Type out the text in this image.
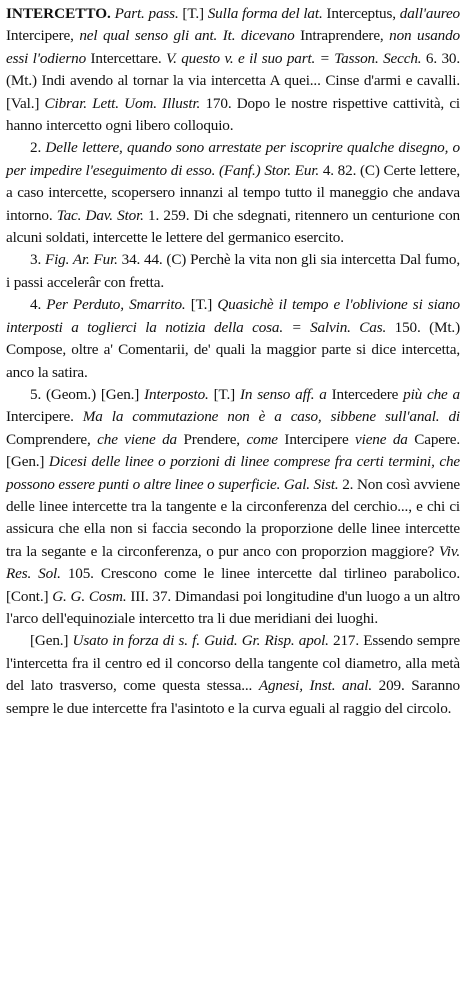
INTERCETTO. Part. pass. [T.] Sulla forma del lat. Interceptus, dall'aureo Intercipere, nel qual senso gli ant. It. dicevano Intraprendere, non usando essi l'odierno Intercettare. V. questo v. e il suo part. = Tasson. Secch. 6. 30. (Mt.) Indi avendo al tornar la via intercetta A quei... Cinse d'armi e cavalli. [Val.] Cibrar. Lett. Uom. Illustr. 170. Dopo le nostre rispettive cattività, ci hanno intercetto ogni libero colloquio.

2. Delle lettere, quando sono arrestate per iscoprire qualche disegno, o per impedire l'eseguimento di esso. (Fanf.) Stor. Eur. 4. 82. (C) Certe lettere, a caso intercette, scopersero innanzi al tempo tutto il maneggio che andava intorno. Tac. Dav. Stor. 1. 259. Di che sdegnati, ritennero un centurione con alcuni soldati, intercette le lettere del germanico esercito.

3. Fig. Ar. Fur. 34. 44. (C) Perchè la vita non gli sia intercetta Dal fumo, i passi accelerâr con fretta.

4. Per Perduto, Smarrito. [T.] Quasichè il tempo e l'oblivione si siano interposti a toglierci la notizia della cosa. = Salvin. Cas. 150. (Mt.) Compose, oltre a' Comentarii, de' quali la maggior parte si dice intercetta, anco la satira.

5. (Geom.) [Gen.] Interposto. [T.] In senso aff. a Intercedere più che a Intercipere. Ma la commutazione non è a caso, sibbene sull'anal. di Comprendere, che viene da Prendere, come Intercipere viene da Capere. [Gen.] Dicesi delle linee o porzioni di linee comprese fra certi termini, che possono essere punti o altre linee o superficie. Gal. Sist. 2. Non così avviene delle linee intercette tra la tangente e la circonferenza del cerchio..., e chi ci assicura che ella non si faccia secondo la proporzione delle linee intercette tra la segante e la circonferenza, o pur anco con proporzion maggiore? Viv. Res. Sol. 105. Crescono come le linee intercette dal tirlineo parabolico. [Cont.] G. G. Cosm. III. 37. Dimandasi poi longitudine d'un luogo a un altro l'arco dell'equinoziale intercetto tra li due meridiani dei luoghi.

[Gen.] Usato in forza di s. f. Guid. Gr. Risp. apol. 217. Essendo sempre l'intercetta fra il centro ed il concorso della tangente col diametro, alla metà del lato trasverso, come questa stessa... Agnesi, Inst. anal. 209. Saranno sempre le due intercette fra l'asintoto e la curva eguali al raggio del circolo.
